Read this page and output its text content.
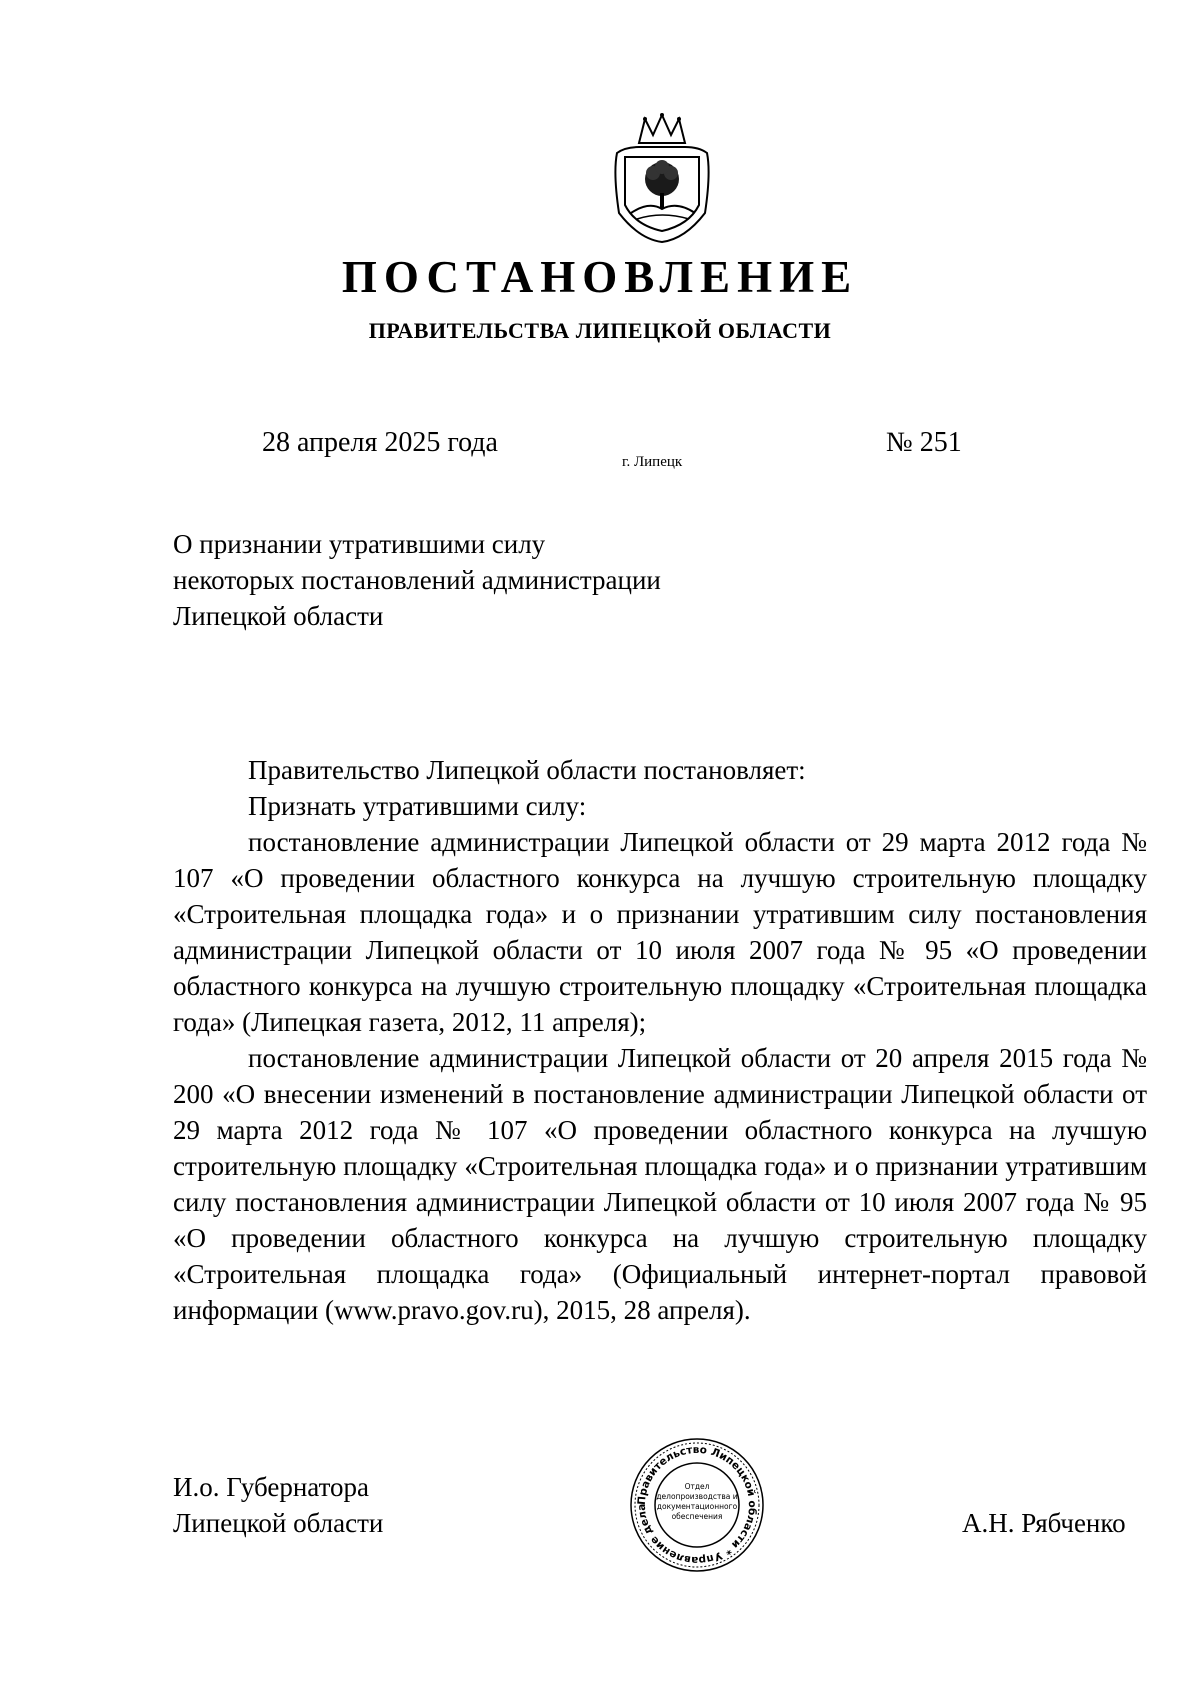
ПОСТАНОВЛЕНИЕ
ПРАВИТЕЛЬСТВА ЛИПЕЦКОЙ ОБЛАСТИ
28 апреля 2025 года
г. Липецк
№ 251
О признании утратившими силу
некоторых постановлений администрации
Липецкой области

Правительство Липецкой области постановляет:

Признать утратившими силу:

постановление администрации Липецкой области от 29 марта 2012 года № 107 «О проведении областного конкурса на лучшую строительную площадку «Строительная площадка года» и о признании утратившим силу постановления администрации Липецкой области от 10 июля 2007 года № 95 «О проведении областного конкурса на лучшую строительную площадку «Строительная площадка года» (Липецкая газета, 2012, 11 апреля);

постановление администрации Липецкой области от 20 апреля 2015 года № 200 «О внесении изменений в постановление администрации Липецкой области от 29 марта 2012 года № 107 «О проведении областного конкурса на лучшую строительную площадку «Строительная площадка года» и о признании утратившим силу постановления администрации Липецкой области от 10 июля 2007 года № 95 «О проведении областного конкурса на лучшую строительную площадку «Строительная площадка года» (Официальный интернет-портал правовой информации (www.pravo.gov.ru), 2015, 28 апреля).

И.о. Губернатора
Липецкой области	А.Н. Рябченко
Правительство Липецкой области * Управление дела
Отдел
делопроизводства и
документационного
обеспечения
